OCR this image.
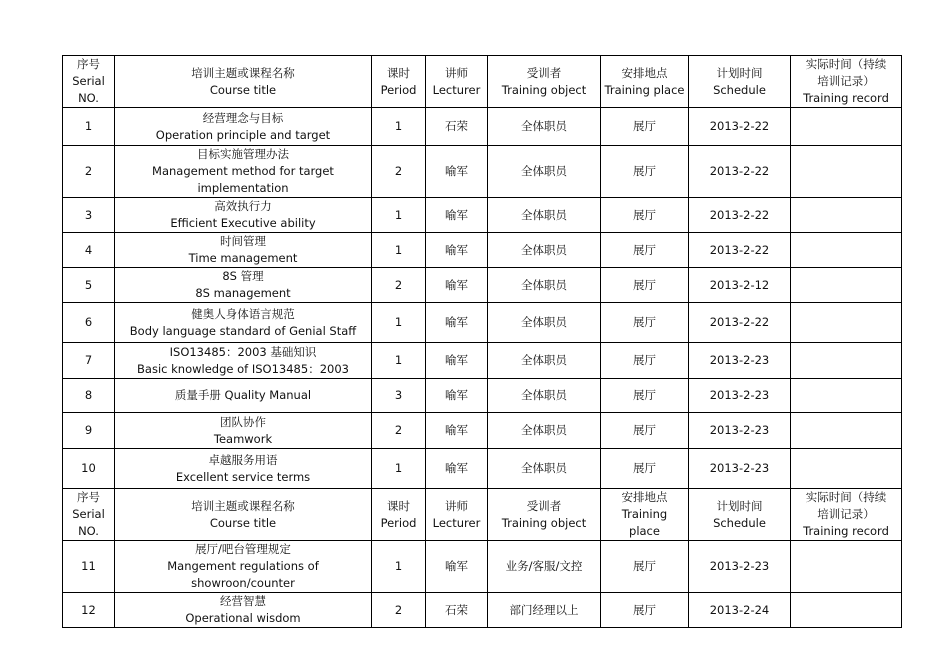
序号
Serial
NO.	培训主题或课程名称
Course title	课时
Period	讲师
Lecturer	受训者
Training object	安排地点
Training place	计划时间
Schedule	实际时间（持续
培训记录）
Training record

1	经营理念与目标
Operation principle and target	1	石荣	全体职员	展厅	2013-2-22	
2	目标实施管理办法
Management method for target
implementation	2	喻军	全体职员	展厅	2013-2-22	
3	高效执行力
Efficient Executive ability	1	喻军	全体职员	展厅	2013-2-22	
4	时间管理
Time management	1	喻军	全体职员	展厅	2013-2-22	
5	8S 管理
8S management	2	喻军	全体职员	展厅	2013-2-12	
6	健奥人身体语言规范
Body language standard of Genial Staff	1	喻军	全体职员	展厅	2013-2-22	
7	ISO13485：2003 基础知识
Basic knowledge of ISO13485：2003	1	喻军	全体职员	展厅	2013-2-23	
8	质量手册 Quality Manual	3	喻军	全体职员	展厅	2013-2-23	
9	团队协作
Teamwork	2	喻军	全体职员	展厅	2013-2-23	
10	卓越服务用语
Excellent service terms	1	喻军	全体职员	展厅	2013-2-23	

序号
Serial
NO.	培训主题或课程名称
Course title	课时
Period	讲师
Lecturer	受训者
Training object	安排地点
Training
place	计划时间
Schedule	实际时间（持续
培训记录）
Training record

11	展厅/吧台管理规定
Mangement regulations of
showroon/counter	1	喻军	业务/客服/文控	展厅	2013-2-23	
12	经营智慧
Operational wisdom	2	石荣	部门经理以上	展厅	2013-2-24	
